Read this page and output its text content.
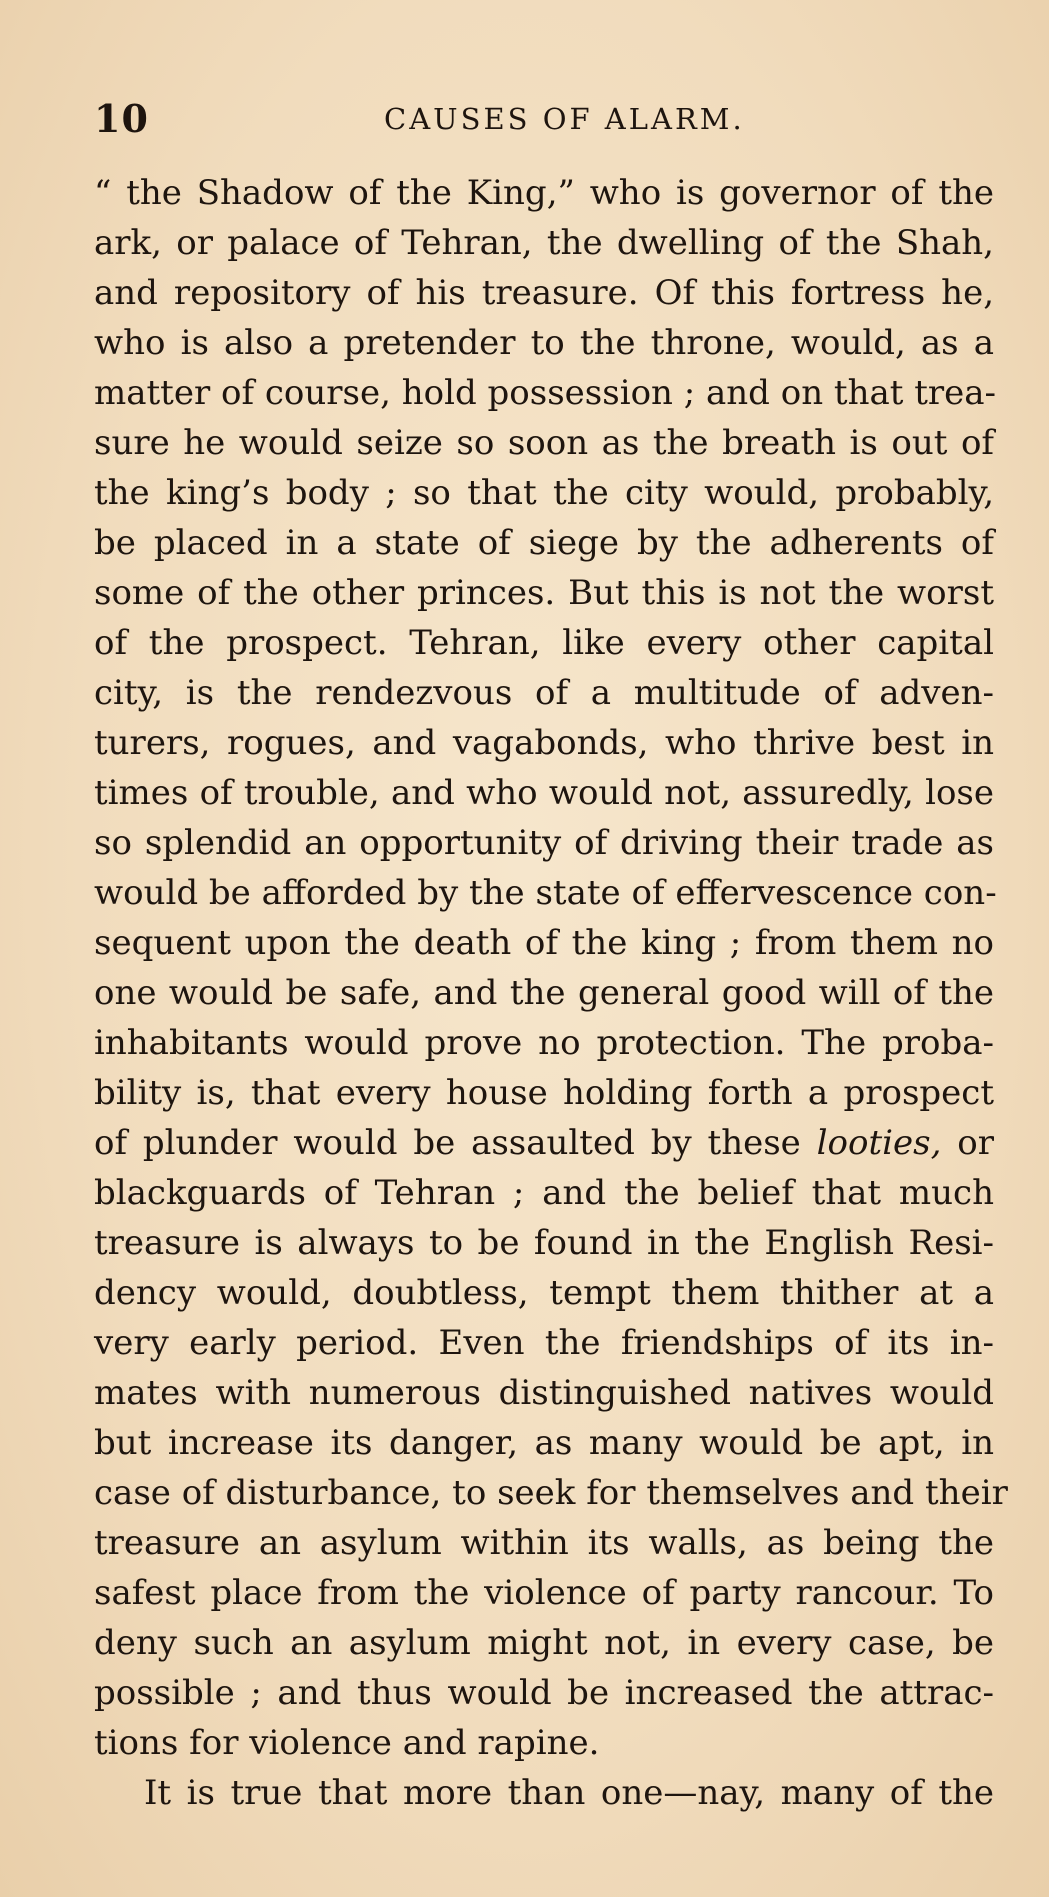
10	CAUSES OF ALARM.
“ the Shadow of the King,” who is governor of the
ark, or palace of Tehran, the dwelling of the Shah,
and repository of his treasure. Of this fortress he,
who is also a pretender to the throne, would, as a
matter of course, hold possession ; and on that trea-
sure he would seize so soon as the breath is out of
the king’s body ; so that the city would, probably,
be placed in a state of siege by the adherents of
some of the other princes. But this is not the worst
of the prospect. Tehran, like every other capital
city, is the rendezvous of a multitude of adven-
turers, rogues, and vagabonds, who thrive best in
times of trouble, and who would not, assuredly, lose
so splendid an opportunity of driving their trade as
would be afforded by the state of effervescence con-
sequent upon the death of the king ; from them no
one would be safe, and the general good will of the
inhabitants would prove no protection. The proba-
bility is, that every house holding forth a prospect
of plunder would be assaulted by these looties, or
blackguards of Tehran ; and the belief that much
treasure is always to be found in the English Resi-
dency would, doubtless, tempt them thither at a
very early period. Even the friendships of its in-
mates with numerous distinguished natives would
but increase its danger, as many would be apt, in
case of disturbance, to seek for themselves and their
treasure an asylum within its walls, as being the
safest place from the violence of party rancour. To
deny such an asylum might not, in every case, be
possible ; and thus would be increased the attrac-
tions for violence and rapine.
It is true that more than one—nay, many of the
